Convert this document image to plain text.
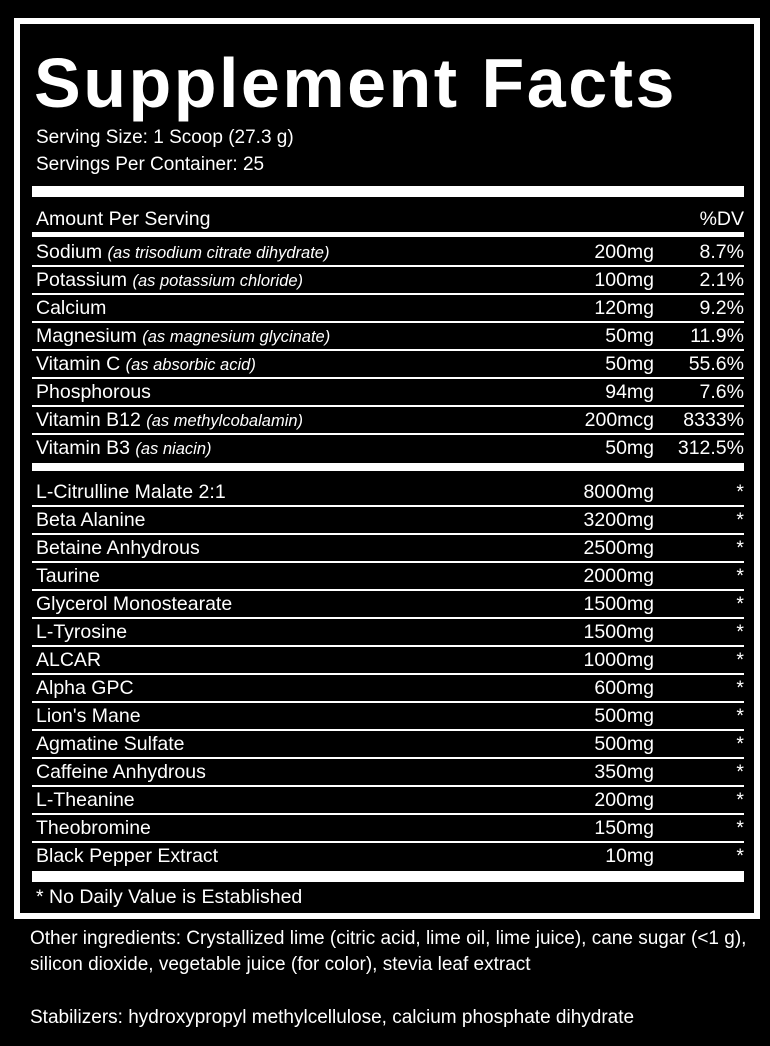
Supplement Facts
Serving Size: 1 Scoop (27.3 g)
Servings Per Container: 25
Amount Per Serving	%DV
Sodium (as trisodium citrate dihydrate)	200mg 8.7%
Potassium (as potassium chloride)	100mg 2.1%
Calcium	120mg 9.2%
Magnesium (as magnesium glycinate)	50mg 11.9%
Vitamin C (as absorbic acid)	50mg 55.6%
Phosphorous	94mg 7.6%
Vitamin B12 (as methylcobalamin)	200mcg 8333%
Vitamin B3 (as niacin)	50mg 312.5%
L-Citrulline Malate 2:1	8000mg	*
Beta Alanine	3200mg	*
Betaine Anhydrous	2500mg	*
Taurine	2000mg	*
Glycerol Monostearate	1500mg	*
L-Tyrosine	1500mg	*
ALCAR	1000mg	*
Alpha GPC	600mg	*
Lion's Mane	500mg	*
Agmatine Sulfate	500mg	*
Caffeine Anhydrous	350mg	*
L-Theanine	200mg	*
Theobromine	150mg	*
Black Pepper Extract	10mg	*
* No Daily Value is Established
Other ingredients: Crystallized lime (citric acid, lime oil, lime juice), cane sugar (<1 g), silicon dioxide, vegetable juice (for color), stevia leaf extract
Stabilizers: hydroxypropyl methylcellulose, calcium phosphate dihydrate
